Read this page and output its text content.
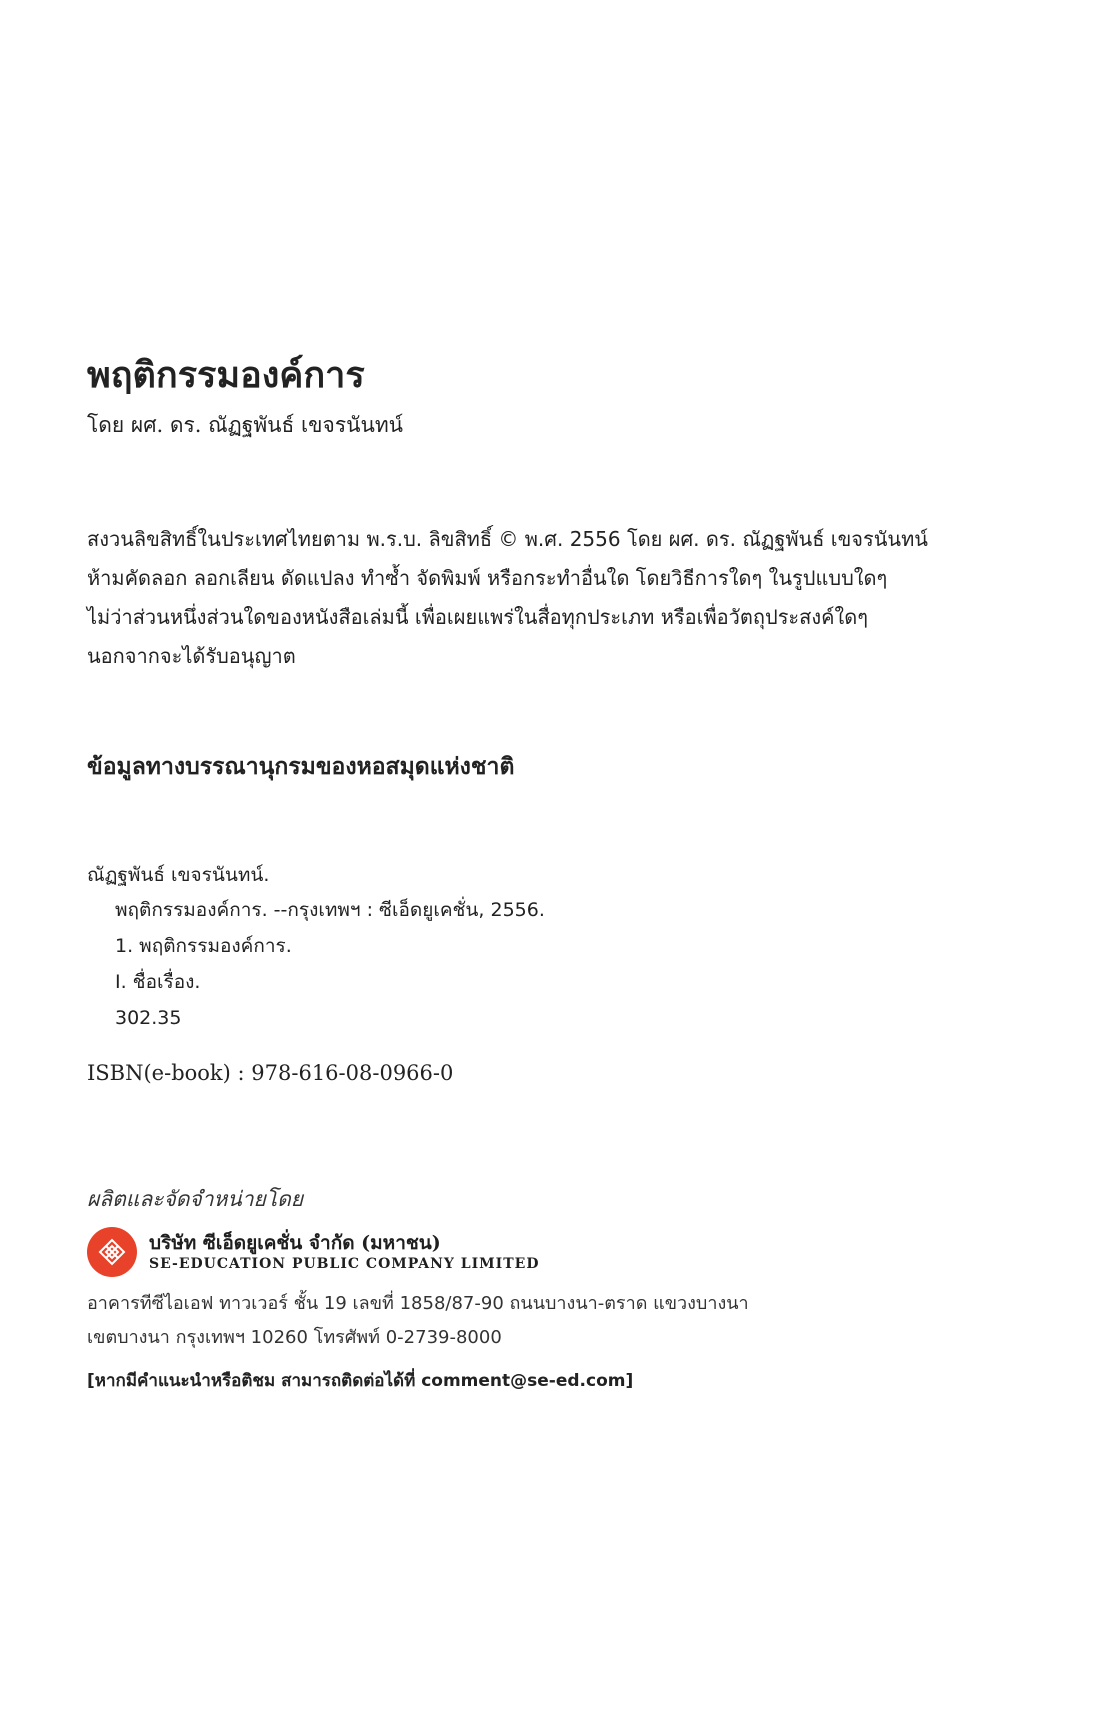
พฤติกรรมองค์การ
โดย ผศ. ดร. ณัฏฐพันธ์ เขจรนันทน์
สงวนลิขสิทธิ์ในประเทศไทยตาม พ.ร.บ. ลิขสิทธิ์ © พ.ศ. 2556 โดย ผศ. ดร. ณัฏฐพันธ์ เขจรนันทน์
ห้ามคัดลอก ลอกเลียน ดัดแปลง ทำซ้ำ จัดพิมพ์ หรือกระทำอื่นใด โดยวิธีการใดๆ ในรูปแบบใดๆ
ไม่ว่าส่วนหนึ่งส่วนใดของหนังสือเล่มนี้ เพื่อเผยแพร่ในสื่อทุกประเภท หรือเพื่อวัตถุประสงค์ใดๆ
นอกจากจะได้รับอนุญาต
ข้อมูลทางบรรณานุกรมของหอสมุดแห่งชาติ
ณัฏฐพันธ์ เขจรนันทน์.
พฤติกรรมองค์การ. --กรุงเทพฯ : ซีเอ็ดยูเคชั่น, 2556.
1. พฤติกรรมองค์การ.
I. ชื่อเรื่อง.
302.35
ISBN(e-book) : 978-616-08-0966-0
ผลิตและจัดจำหน่ายโดย
บริษัท ซีเอ็ดยูเคชั่น จำกัด (มหาชน)
SE-EDUCATION PUBLIC COMPANY LIMITED
อาคารทีซีไอเอฟ ทาวเวอร์ ชั้น 19 เลขที่ 1858/87-90 ถนนบางนา-ตราด แขวงบางนา
เขตบางนา กรุงเทพฯ 10260 โทรศัพท์ 0-2739-8000
[หากมีคำแนะนำหรือติชม สามารถติดต่อได้ที่ comment@se-ed.com]
